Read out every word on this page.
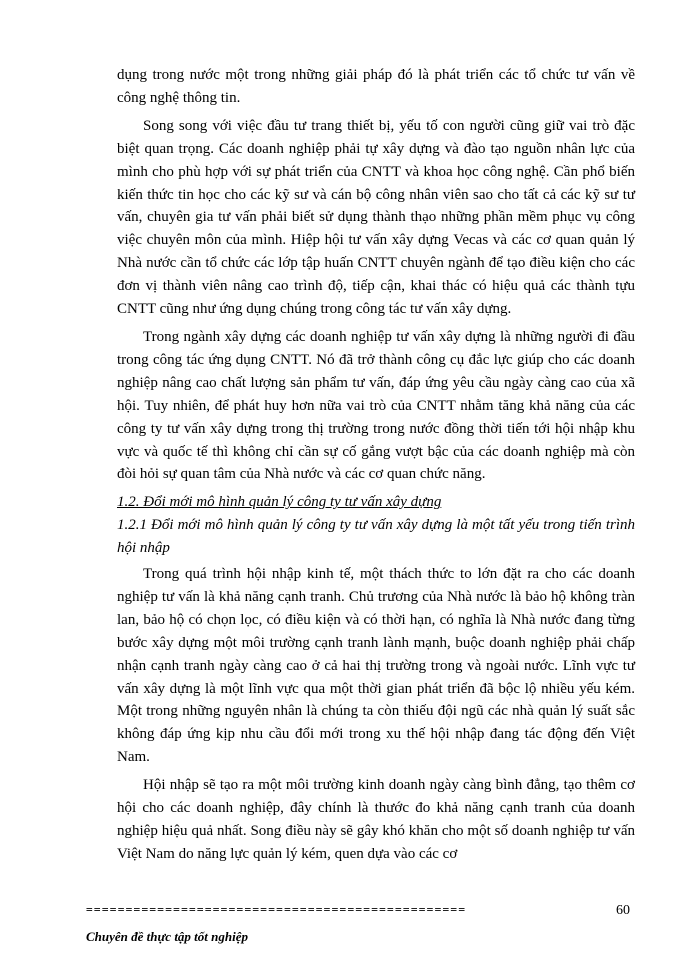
dụng trong nước một trong những giải pháp đó là phát triển các tổ chức tư vấn về công nghệ thông tin.

Song song với việc đầu tư trang thiết bị, yếu tố con người cũng giữ vai trò đặc biệt quan trọng. Các doanh nghiệp phải tự xây dựng và đào tạo nguồn nhân lực của mình cho phù hợp với sự phát triển của CNTT và khoa học công nghệ. Cần phổ biến kiến thức tin học cho các kỹ sư và cán bộ công nhân viên sao cho tất cả các kỹ sư tư vấn, chuyên gia tư vấn phải biết sử dụng thành thạo những phần mềm phục vụ công việc chuyên môn của mình. Hiệp hội tư vấn xây dựng Vecas và các cơ quan quản lý Nhà nước cần tổ chức các lớp tập huấn CNTT chuyên ngành để tạo điều kiện cho các đơn vị thành viên nâng cao trình độ, tiếp cận, khai thác có hiệu quả các thành tựu CNTT cũng như ứng dụng chúng trong công tác tư vấn xây dựng.

Trong ngành xây dựng các doanh nghiệp tư vấn xây dựng là những người đi đầu trong công tác ứng dụng CNTT. Nó đã trở thành công cụ đắc lực giúp cho các doanh nghiệp nâng cao chất lượng sản phẩm tư vấn, đáp ứng yêu cầu ngày càng cao của xã hội. Tuy nhiên, để phát huy hơn nữa vai trò của CNTT nhằm tăng khả năng của các công ty tư vấn xây dựng trong thị trường trong nước đồng thời tiến tới hội nhập khu vực và quốc tế thì không chỉ cần sự cố gắng vượt bậc của các doanh nghiệp mà còn đòi hỏi sự quan tâm của Nhà nước và các cơ quan chức năng.

1.2. Đổi mới mô hình quản lý công ty tư vấn xây dựng

1.2.1 Đổi mới mô hình quản lý công ty tư vấn xây dựng là một tất yếu trong tiến trình hội nhập

Trong quá trình hội nhập kinh tế, một thách thức to lớn đặt ra cho các doanh nghiệp tư vấn là khả năng cạnh tranh. Chủ trương của Nhà nước là bảo hộ không tràn lan, bảo hộ có chọn lọc, có điều kiện và có thời hạn, có nghĩa là Nhà nước đang từng bước xây dựng một môi trường cạnh tranh lành mạnh, buộc doanh nghiệp phải chấp nhận cạnh tranh ngày càng cao ở cả hai thị trường trong và ngoài nước. Lĩnh vực tư vấn xây dựng là một lĩnh vực qua một thời gian phát triển đã bộc lộ nhiều yếu kém. Một trong những nguyên nhân là chúng ta còn thiếu đội ngũ các nhà quản lý suất sắc không đáp ứng kịp nhu cầu đổi mới trong xu thế hội nhập đang tác động đến Việt Nam.

Hội nhập sẽ tạo ra một môi trường kinh doanh ngày càng bình đẳng, tạo thêm cơ hội cho các doanh nghiệp, đây chính là thước đo khả năng cạnh tranh của doanh nghiệp hiệu quả nhất. Song điều này sẽ gây khó khăn cho một số doanh nghiệp tư vấn Việt Nam do năng lực quản lý kém, quen dựa vào các cơ

================================================	60
Chuyên đề thực tập tốt nghiệp
